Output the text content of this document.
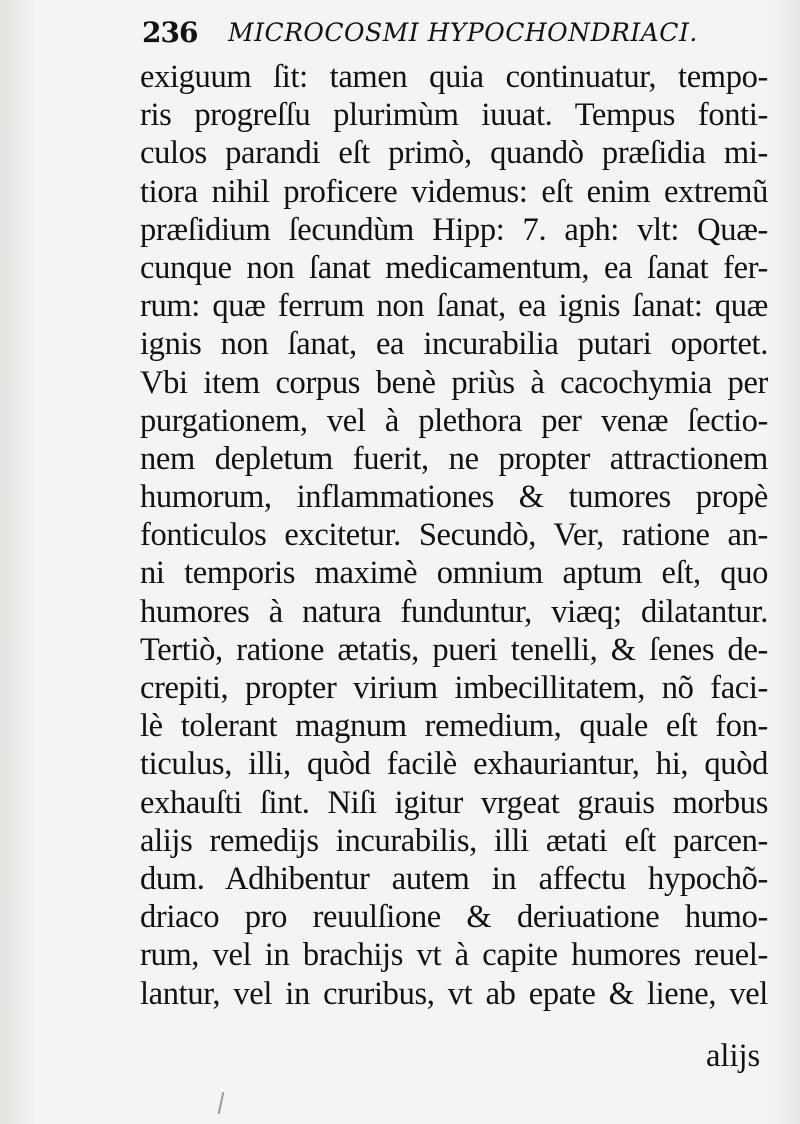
236 MICROCOSMI HYPOCHONDRIACI.
exiguum ſit: tamen quia continuatur, tempo-
ris progreſſu plurimùm iuuat. Tempus fonti-
culos parandi eſt primò, quandò præſidia mi-
tiora nihil proficere videmus: eſt enim extremũ
præſidium ſecundùm Hipp: 7. aph: vlt: Quæ-
cunque non ſanat medicamentum, ea ſanat fer-
rum: quæ ferrum non ſanat, ea ignis ſanat: quæ
ignis non ſanat, ea incurabilia putari oportet.
Vbi item corpus benè priùs à cacochymia per
purgationem, vel à plethora per venæ ſectio-
nem depletum fuerit, ne propter attractionem
humorum, inflammationes & tumores propè
fonticulos excitetur. Secundò, Ver, ratione an-
ni temporis maximè omnium aptum eſt, quo
humores à natura funduntur, viæq; dilatantur.
Tertiò, ratione ætatis, pueri tenelli, & ſenes de-
crepiti, propter virium imbecillitatem, nõ faci-
lè tolerant magnum remedium, quale eſt fon-
ticulus, illi, quòd facilè exhauriantur, hi, quòd
exhauſti ſint. Niſi igitur vrgeat grauis morbus
alijs remedijs incurabilis, illi ætati eſt parcen-
dum. Adhibentur autem in affectu hypochõ-
driaco pro reuulſione & deriuatione humo-
rum, vel in brachijs vt à capite humores reuel-
lantur, vel in cruribus, vt ab epate & liene, vel
alijs
